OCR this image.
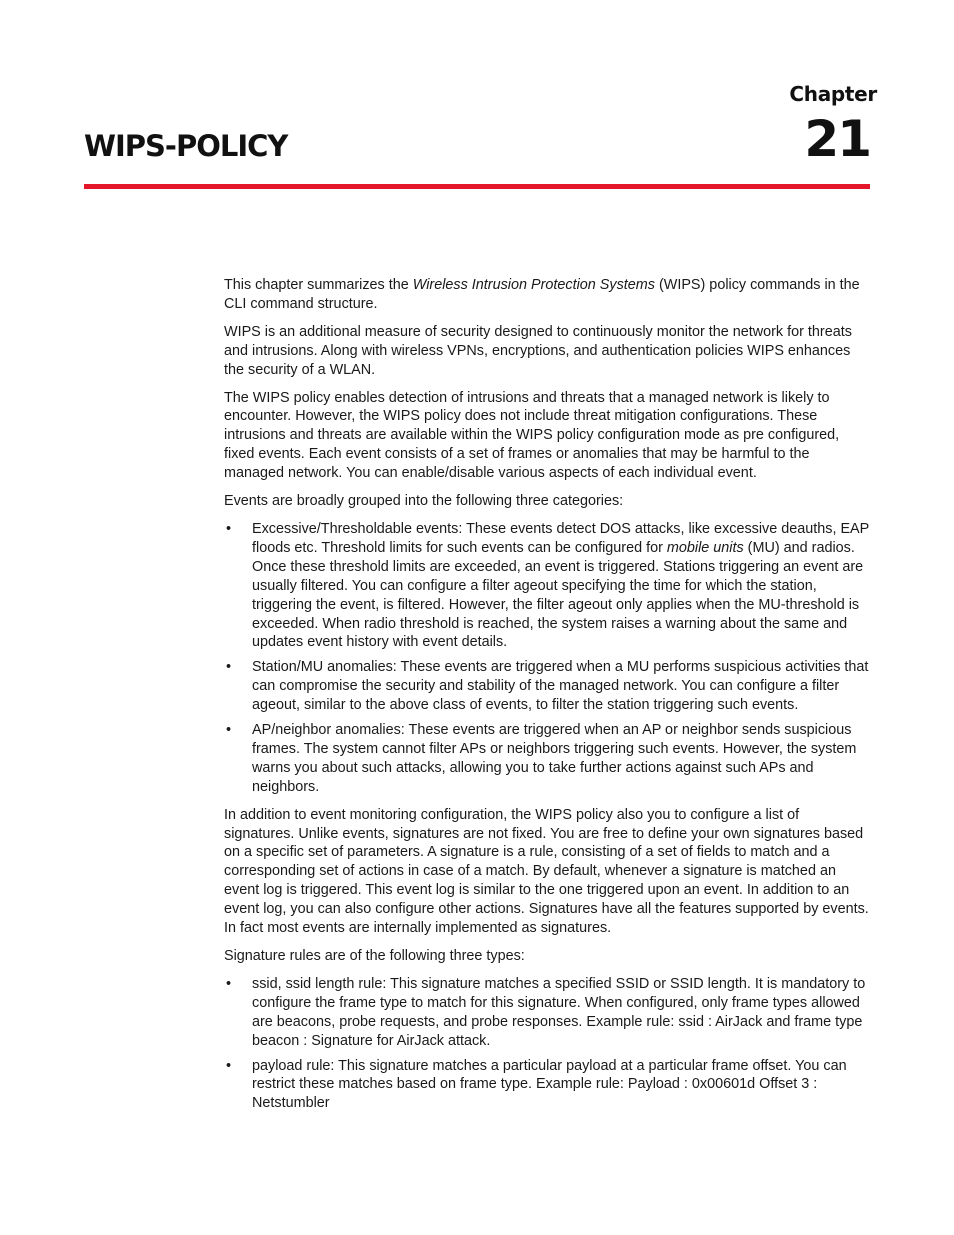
Chapter
21
WIPS-POLICY

This chapter summarizes the Wireless Intrusion Protection Systems (WIPS) policy commands in the CLI command structure.

WIPS is an additional measure of security designed to continuously monitor the network for threats and intrusions. Along with wireless VPNs, encryptions, and authentication policies WIPS enhances the security of a WLAN.

The WIPS policy enables detection of intrusions and threats that a managed network is likely to encounter. However, the WIPS policy does not include threat mitigation configurations. These intrusions and threats are available within the WIPS policy configuration mode as pre configured, fixed events. Each event consists of a set of frames or anomalies that may be harmful to the managed network. You can enable/disable various aspects of each individual event.

Events are broadly grouped into the following three categories:

• Excessive/Thresholdable events: These events detect DOS attacks, like excessive deauths, EAP floods etc. Threshold limits for such events can be configured for mobile units (MU) and radios. Once these threshold limits are exceeded, an event is triggered. Stations triggering an event are usually filtered. You can configure a filter ageout specifying the time for which the station, triggering the event, is filtered. However, the filter ageout only applies when the MU-threshold is exceeded. When radio threshold is reached, the system raises a warning about the same and updates event history with event details.
• Station/MU anomalies: These events are triggered when a MU performs suspicious activities that can compromise the security and stability of the managed network. You can configure a filter ageout, similar to the above class of events, to filter the station triggering such events.
• AP/neighbor anomalies: These events are triggered when an AP or neighbor sends suspicious frames. The system cannot filter APs or neighbors triggering such events. However, the system warns you about such attacks, allowing you to take further actions against such APs and neighbors.

In addition to event monitoring configuration, the WIPS policy also you to configure a list of signatures. Unlike events, signatures are not fixed. You are free to define your own signatures based on a specific set of parameters. A signature is a rule, consisting of a set of fields to match and a corresponding set of actions in case of a match. By default, whenever a signature is matched an event log is triggered. This event log is similar to the one triggered upon an event. In addition to an event log, you can also configure other actions. Signatures have all the features supported by events. In fact most events are internally implemented as signatures.

Signature rules are of the following three types:

• ssid, ssid length rule: This signature matches a specified SSID or SSID length. It is mandatory to configure the frame type to match for this signature. When configured, only frame types allowed are beacons, probe requests, and probe responses. Example rule: ssid : AirJack and frame type beacon : Signature for AirJack attack.
• payload rule: This signature matches a particular payload at a particular frame offset. You can restrict these matches based on frame type. Example rule: Payload : 0x00601d Offset 3 : Netstumbler
